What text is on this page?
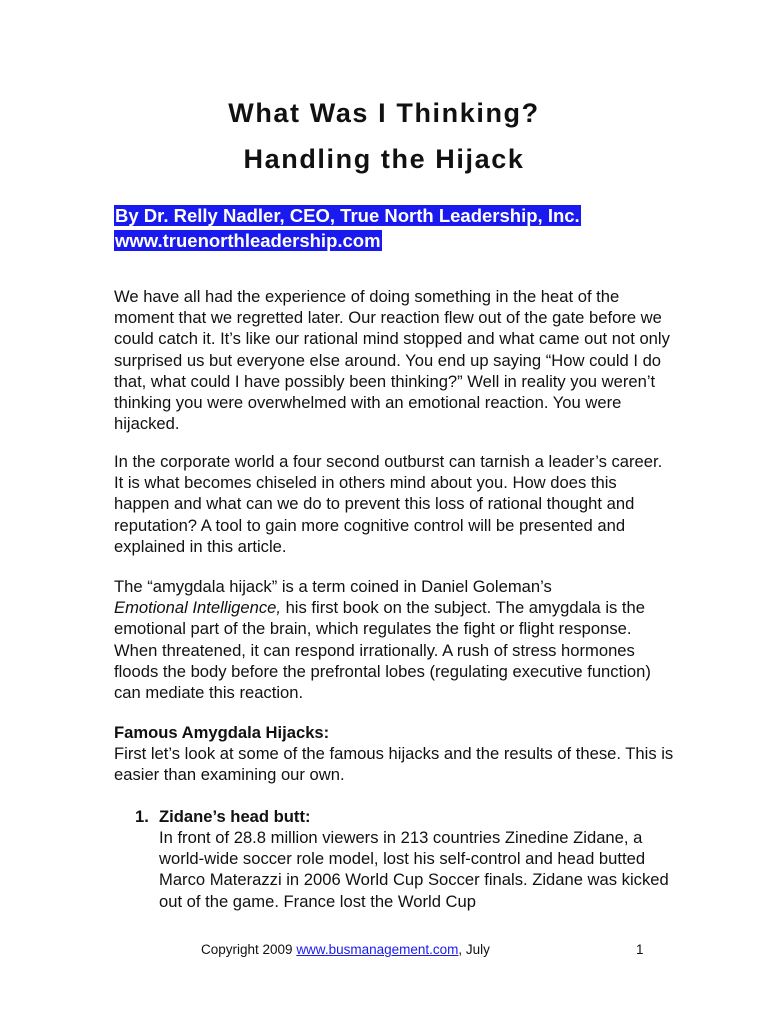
What Was I Thinking?
Handling the Hijack
By Dr. Relly Nadler, CEO, True North Leadership, Inc.
www.truenorthleadership.com

We have all had the experience of doing something in the heat of the moment that we regretted later. Our reaction flew out of the gate before we could catch it. It’s like our rational mind stopped and what came out not only surprised us but everyone else around. You end up saying “How could I do that, what could I have possibly been thinking?” Well in reality you weren’t thinking you were overwhelmed with an emotional reaction. You were hijacked.

In the corporate world a four second outburst can tarnish a leader’s career. It is what becomes chiseled in others mind about you. How does this happen and what can we do to prevent this loss of rational thought and reputation? A tool to gain more cognitive control will be presented and explained in this article.

The “amygdala hijack” is a term coined in Daniel Goleman’s
Emotional Intelligence, his first book on the subject. The amygdala is the emotional part of the brain, which regulates the fight or flight response. When threatened, it can respond irrationally. A rush of stress hormones floods the body before the prefrontal lobes (regulating executive function) can mediate this reaction.

Famous Amygdala Hijacks:

First let’s look at some of the famous hijacks and the results of these. This is easier than examining our own.

1. Zidane’s head butt:
In front of 28.8 million viewers in 213 countries Zinedine Zidane, a world-wide soccer role model, lost his self-control and head butted Marco Materazzi in 2006 World Cup Soccer finals. Zidane was kicked out of the game. France lost the World Cup
Copyright 2009 www.busmanagement.com, July	1
